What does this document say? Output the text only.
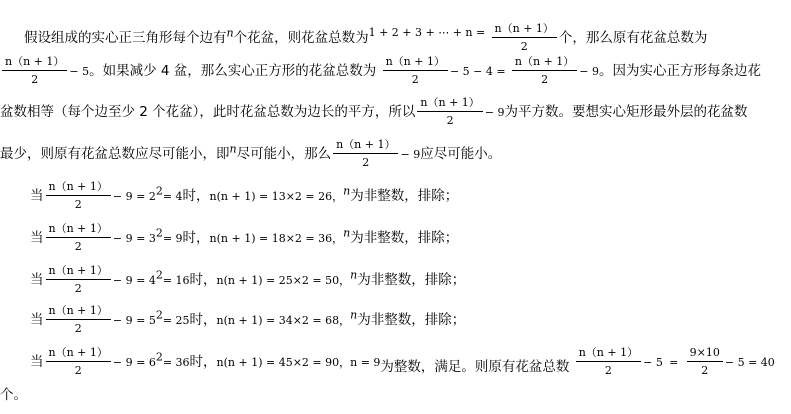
假设组成的实心正三角形每个边有$^n$个花盆，则花盆总数为$^{1 + 2 + 3 + \cdots + n =} \frac{n(n + 1)}{2}$ 个，那么原有花盆总数为
$\frac{n(n + 1)}{2} - 5$。如果减少 4 盆，那么实心正方形的花盆总数为 $\frac{n(n + 1)}{2} - 5 - 4 = \frac{n(n + 1)}{2} - 9$。因为实心正方形每条边花
盆数相等（每个边至少 2 个花盆），此时花盆总数为边长的平方，所以 $\frac{n(n + 1)}{2} - 9$为平方数。要想实心矩形最外层的花盆数
最少，则原有花盆总数应尽可能小，即$^n$尽可能小，那么 $\frac{n(n + 1)}{2} - 9$应尽可能小。
当 $\frac{n(n + 1)}{2} - 9 = 2^2= 4$时，n(n + 1) = 13×2 = 26，$^n$为非整数，排除；
当 $\frac{n(n + 1)}{2} - 9 = 3^2= 9$时，n(n + 1) = 18×2 = 36，$^n$为非整数，排除；
当 $\frac{n(n + 1)}{2} - 9 = 4^2= 16$时，n(n + 1) = 25×2 = 50，$^n$为非整数，排除；
当 $\frac{n(n + 1)}{2} - 9 = 5^2= 25$时，n(n + 1) = 34×2 = 68，$^n$为非整数，排除；
当 $\frac{n(n + 1)}{2} - 9 = 6^2= 36$时，n(n + 1) = 45×2 = 90，n = 9为整数，满足。则原有花盆总数 $\frac{n(n + 1)}{2} - 5 = \frac{9\times 10}{2} - 5 = 40$
个。
